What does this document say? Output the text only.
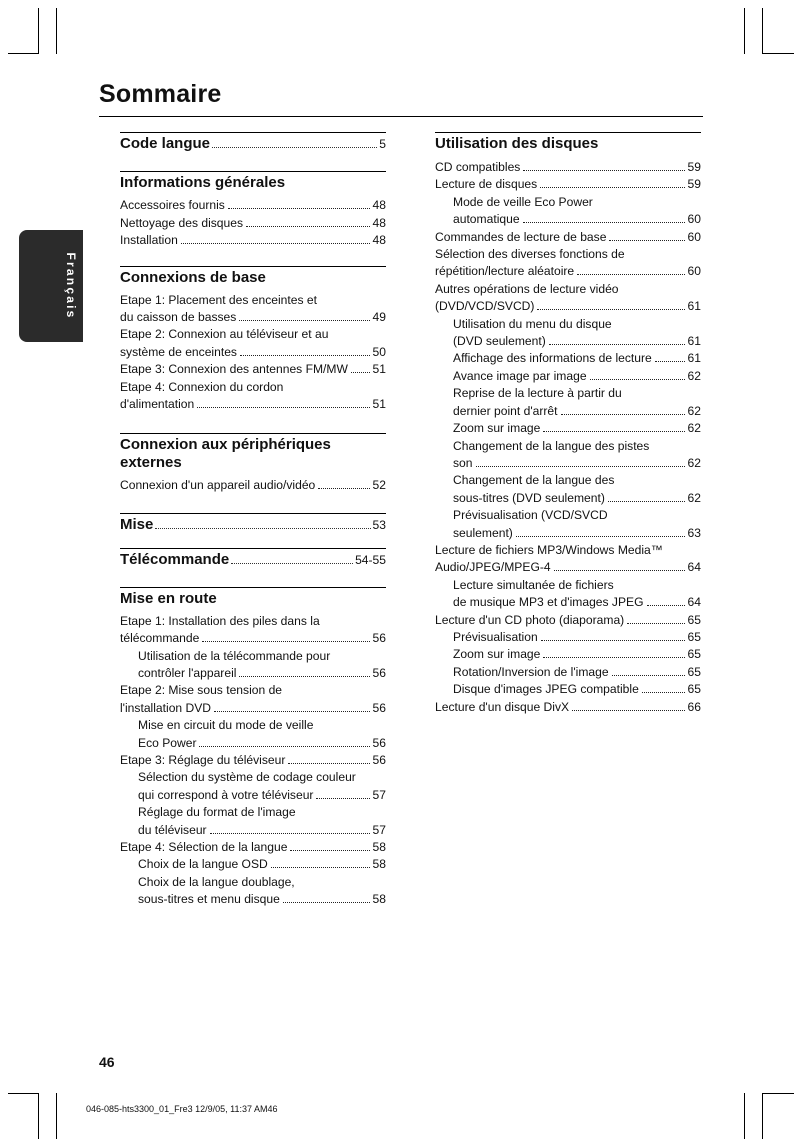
Sommaire
Français
Code langue	5
Informations générales
Accessoires fournis	48
Nettoyage des disques	48
Installation	48
Connexions de base
Etape 1: Placement des enceintes et
du caisson de basses	49
Etape 2: Connexion au téléviseur et au
système de enceintes	50
Etape 3: Connexion des antennes FM/MW 51
Etape 4: Connexion du cordon
d'alimentation	51
Connexion aux périphériques
externes
Connexion d'un appareil audio/vidéo	52
Mise	53
Télécommande	54-55
Mise en route
Etape 1: Installation des piles dans la
télécommande	56
Utilisation de la télécommande pour
contrôler l'appareil	56
Etape 2: Mise sous tension de
l'installation DVD	56
Mise en circuit du mode de veille
Eco Power	56
Etape 3: Réglage du téléviseur	56
Sélection du système de codage couleur
qui correspond à votre téléviseur	57
Réglage du format de l'image
du téléviseur	57
Etape 4: Sélection de la langue	58
Choix de la langue OSD	58
Choix de la langue doublage,
sous-titres et menu disque	58
Utilisation des disques
CD compatibles	59
Lecture de disques	59
Mode de veille Eco Power
automatique	60
Commandes de lecture de base	60
Sélection des diverses fonctions de
répétition/lecture aléatoire	60
Autres opérations de lecture vidéo
(DVD/VCD/SVCD)	61
Utilisation du menu du disque
(DVD seulement)	61
Affichage des informations de lecture	61
Avance image par image	62
Reprise de la lecture à partir du
dernier point d'arrêt	62
Zoom sur image	62
Changement de la langue des pistes
son	62
Changement de la langue des
sous-titres (DVD seulement)	62
Prévisualisation (VCD/SVCD
seulement)	63
Lecture de fichiers MP3/Windows Media™
Audio/JPEG/MPEG-4	64
Lecture simultanée de fichiers
de musique MP3 et d'images JPEG	64
Lecture d'un CD photo (diaporama)	65
Prévisualisation	65
Zoom sur image	65
Rotation/Inversion de l'image	65
Disque d'images JPEG compatible	65
Lecture d'un disque DivX	66
46
046-085-hts3300_01_Fre3 12/9/05, 11:37 AM46
